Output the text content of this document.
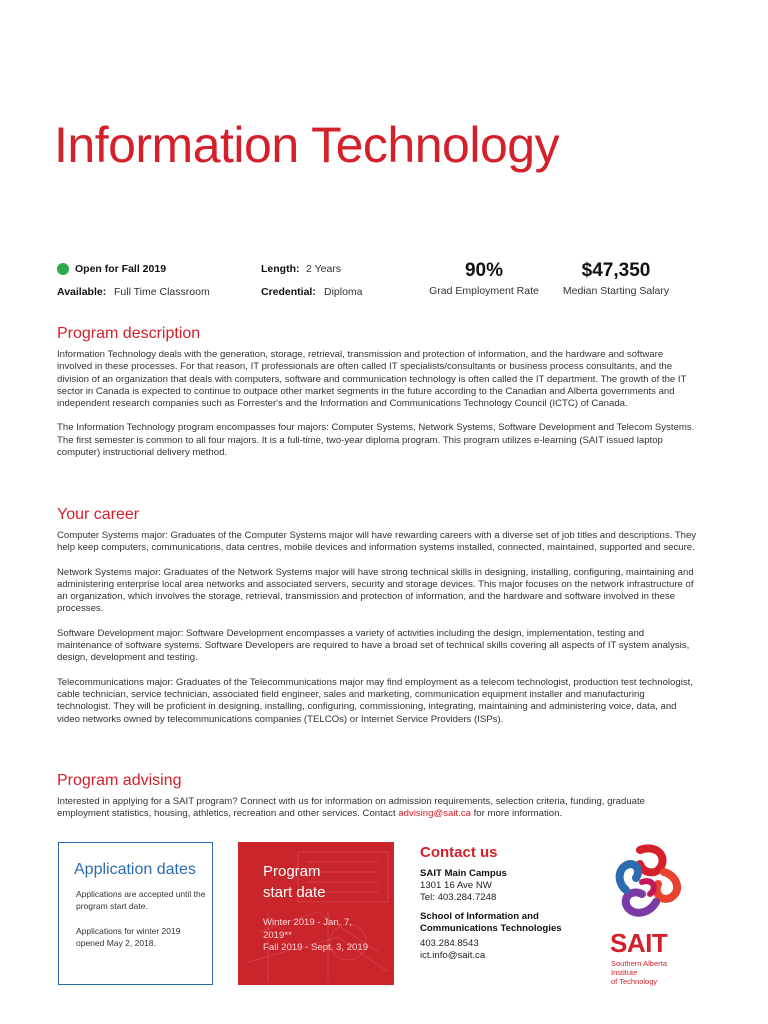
Information Technology
Open for Fall 2019
Available: Full Time Classroom
Length: 2 Years
Credential: Diploma
90%
Grad Employment Rate
$47,350
Median Starting Salary
Program description

Information Technology deals with the generation, storage, retrieval, transmission and protection of information, and the hardware and software involved in these processes. For that reason, IT professionals are often called IT specialists/consultants or business process consultants, and the division of an organization that deals with computers, software and communication technology is often called the IT department. The growth of the IT sector in Canada is expected to continue to outpace other market segments in the future according to the Canadian and Alberta governments and independent research companies such as Forrester's and the Information and Communications Technology Council (ICTC) of Canada.

The Information Technology program encompasses four majors: Computer Systems, Network Systems, Software Development and Telecom Systems. The first semester is common to all four majors. It is a full-time, two-year diploma program. This program utilizes e-learning (SAIT issued laptop computer) instructional delivery method.

Your career

Computer Systems major: Graduates of the Computer Systems major will have rewarding careers with a diverse set of job titles and descriptions. They help keep computers, communications, data centres, mobile devices and information systems installed, connected, maintained, supported and secure.

Network Systems major: Graduates of the Network Systems major will have strong technical skills in designing, installing, configuring, maintaining and administering enterprise local area networks and associated servers, security and storage devices. This major focuses on the network infrastructure of an organization, which involves the storage, retrieval, transmission and protection of information, and the hardware and software involved in these processes.

Software Development major: Software Development encompasses a variety of activities including the design, implementation, testing and maintenance of software systems. Software Developers are required to have a broad set of technical skills covering all aspects of IT system analysis, design, development and testing.

Telecommunications major: Graduates of the Telecommunications major may find employment as a telecom technologist, production test technologist, cable technician, service technician, associated field engineer, sales and marketing, communication equipment installer and manufacturing technologist. They will be proficient in designing, installing, configuring, commissioning, integrating, maintaining and administering voice, data, and video networks owned by telecommunications companies (TELCOs) or Internet Service Providers (ISPs).

Program advising

Interested in applying for a SAIT program? Connect with us for information on admission requirements, selection criteria, funding, graduate employment statistics, housing, athletics, recreation and other services. Contact advising@sait.ca for more information.

Application dates
Applications are accepted until the program start date.
Applications for winter 2019 opened May 2, 2018.
Program
start date
Winter 2019 - Jan. 7,
2019**
Fall 2019 - Sept. 3, 2019
Contact us
SAIT Main Campus
1301 16 Ave NW
Tel: 403.284.7248
School of Information and
Communications Technologies
403.284.8543
ict.info@sait.ca	SAIT
Southern Alberta
Institute
of Technology
